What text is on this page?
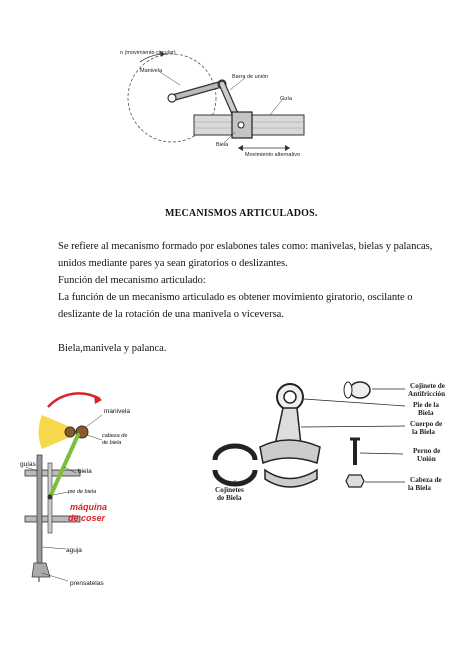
n (movimiento circular)
Manivela
Barra de unión
Guía
Biela
Movimiento alternativo
MECANISMOS ARTICULADOS.
Se refiere al mecanismo formado por eslabones tales como: manivelas, bielas y palancas,
unidos mediante pares ya sean giratorios o deslizantes.
Función del mecanismo articulado:
La función de un mecanismo articulado es obtener movimiento giratorio, oscilante o
deslizante de la rotación de una manivela o viceversa.
Biela,manivela y palanca.
manivela
cabeza de
de biela
guías
biela
pie de biela
máquina
de coser
aguja
prensatelas
Cojinete de
Antifricción
Pie de la
Biela
Cuerpo de
la Biela
Perno de
Unión
Cojinetes
de Biela
Cabeza de
la Biela
